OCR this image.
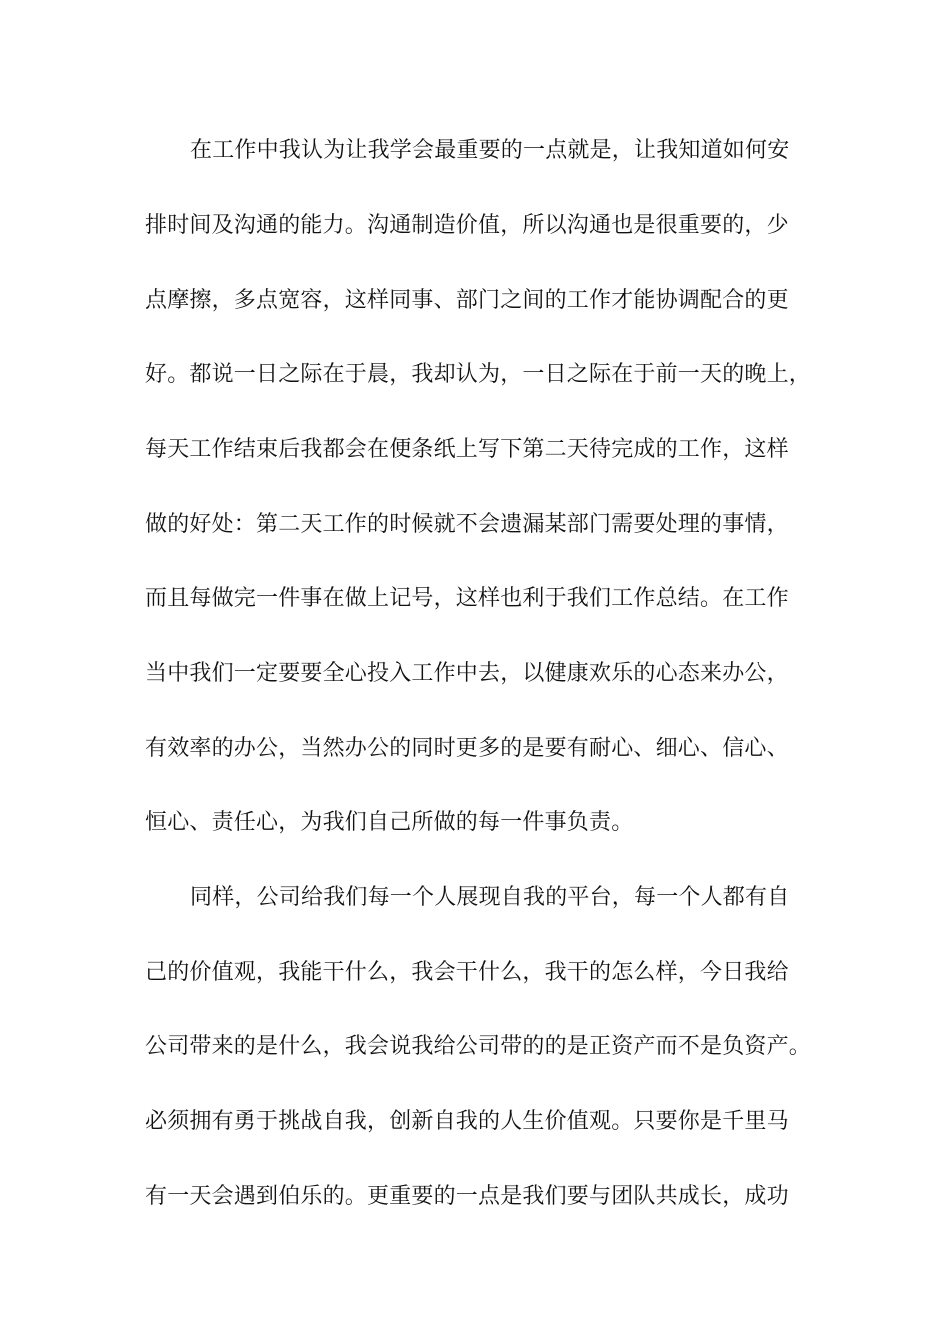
在工作中我认为让我学会最重要的一点就是，让我知道如何安

排时间及沟通的能力。沟通制造价值，所以沟通也是很重要的，少

点摩擦，多点宽容，这样同事、部门之间的工作才能协调配合的更

好。都说一日之际在于晨，我却认为，一日之际在于前一天的晚上，

每天工作结束后我都会在便条纸上写下第二天待完成的工作，这样

做的好处：第二天工作的时候就不会遗漏某部门需要处理的事情，

而且每做完一件事在做上记号，这样也利于我们工作总结。在工作

当中我们一定要要全心投入工作中去，以健康欢乐的心态来办公，

有效率的办公，当然办公的同时更多的是要有耐心、细心、信心、

恒心、责任心，为我们自己所做的每一件事负责。

同样，公司给我们每一个人展现自我的平台，每一个人都有自

己的价值观，我能干什么，我会干什么，我干的怎么样，今日我给

公司带来的是什么，我会说我给公司带的的是正资产而不是负资产。

必须拥有勇于挑战自我，创新自我的人生价值观。只要你是千里马

有一天会遇到伯乐的。更重要的一点是我们要与团队共成长，成功
